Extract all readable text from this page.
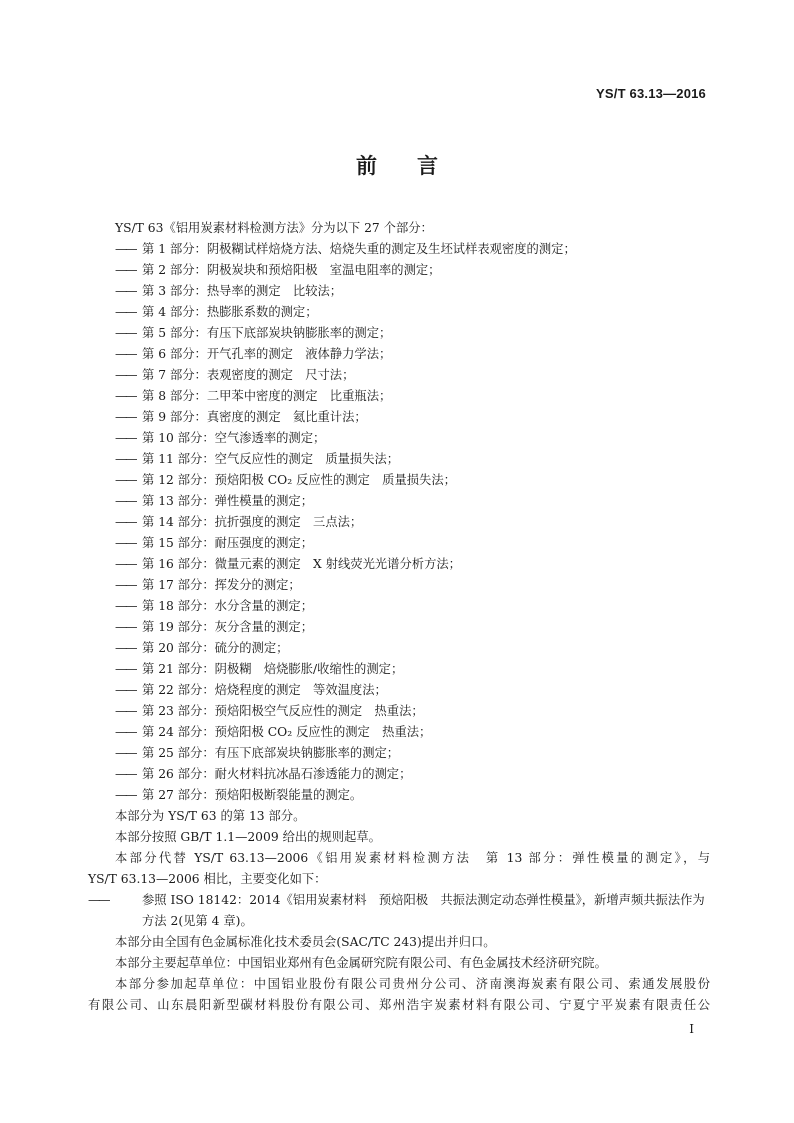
YS/T 63.13—2016
前 言

YS/T 63《铝用炭素材料检测方法》分为以下 27 个部分：

—— 第 1 部分：阴极糊试样焙烧方法、焙烧失重的测定及生坯试样表观密度的测定；
—— 第 2 部分：阴极炭块和预焙阳极　室温电阻率的测定；
—— 第 3 部分：热导率的测定　比较法；
—— 第 4 部分：热膨胀系数的测定；
—— 第 5 部分：有压下底部炭块钠膨胀率的测定；
—— 第 6 部分：开气孔率的测定　液体静力学法；
—— 第 7 部分：表观密度的测定　尺寸法；
—— 第 8 部分：二甲苯中密度的测定　比重瓶法；
—— 第 9 部分：真密度的测定　氦比重计法；
—— 第 10 部分：空气渗透率的测定；
—— 第 11 部分：空气反应性的测定　质量损失法；
—— 第 12 部分：预焙阳极 CO₂ 反应性的测定　质量损失法；
—— 第 13 部分：弹性模量的测定；
—— 第 14 部分：抗折强度的测定　三点法；
—— 第 15 部分：耐压强度的测定；
—— 第 16 部分：微量元素的测定　X 射线荧光光谱分析方法；
—— 第 17 部分：挥发分的测定；
—— 第 18 部分：水分含量的测定；
—— 第 19 部分：灰分含量的测定；
—— 第 20 部分：硫分的测定；
—— 第 21 部分：阴极糊　焙烧膨胀/收缩性的测定；
—— 第 22 部分：焙烧程度的测定　等效温度法；
—— 第 23 部分：预焙阳极空气反应性的测定　热重法；
—— 第 24 部分：预焙阳极 CO₂ 反应性的测定　热重法；
—— 第 25 部分：有压下底部炭块钠膨胀率的测定；
—— 第 26 部分：耐火材料抗冰晶石渗透能力的测定；
—— 第 27 部分：预焙阳极断裂能量的测定。

本部分为 YS/T 63 的第 13 部分。

本部分按照 GB/T 1.1—2009 给出的规则起草。

本部分代替 YS/T 63.13—2006《铝用炭素材料检测方法　第 13 部分：弹性模量的测定》，与

YS/T 63.13—2006 相比，主要变化如下：

——	参照 ISO 18142：2014《铝用炭素材料　预焙阳极　共振法测定动态弹性模量》，新增声频共振法作为方法 2(见第 4 章)。

本部分由全国有色金属标准化技术委员会(SAC/TC 243)提出并归口。

本部分主要起草单位：中国铝业郑州有色金属研究院有限公司、有色金属技术经济研究院。

本部分参加起草单位：中国铝业股份有限公司贵州分公司、济南澳海炭素有限公司、索通发展股份

有限公司、山东晨阳新型碳材料股份有限公司、郑州浩宇炭素材料有限公司、宁夏宁平炭素有限责任公

I
